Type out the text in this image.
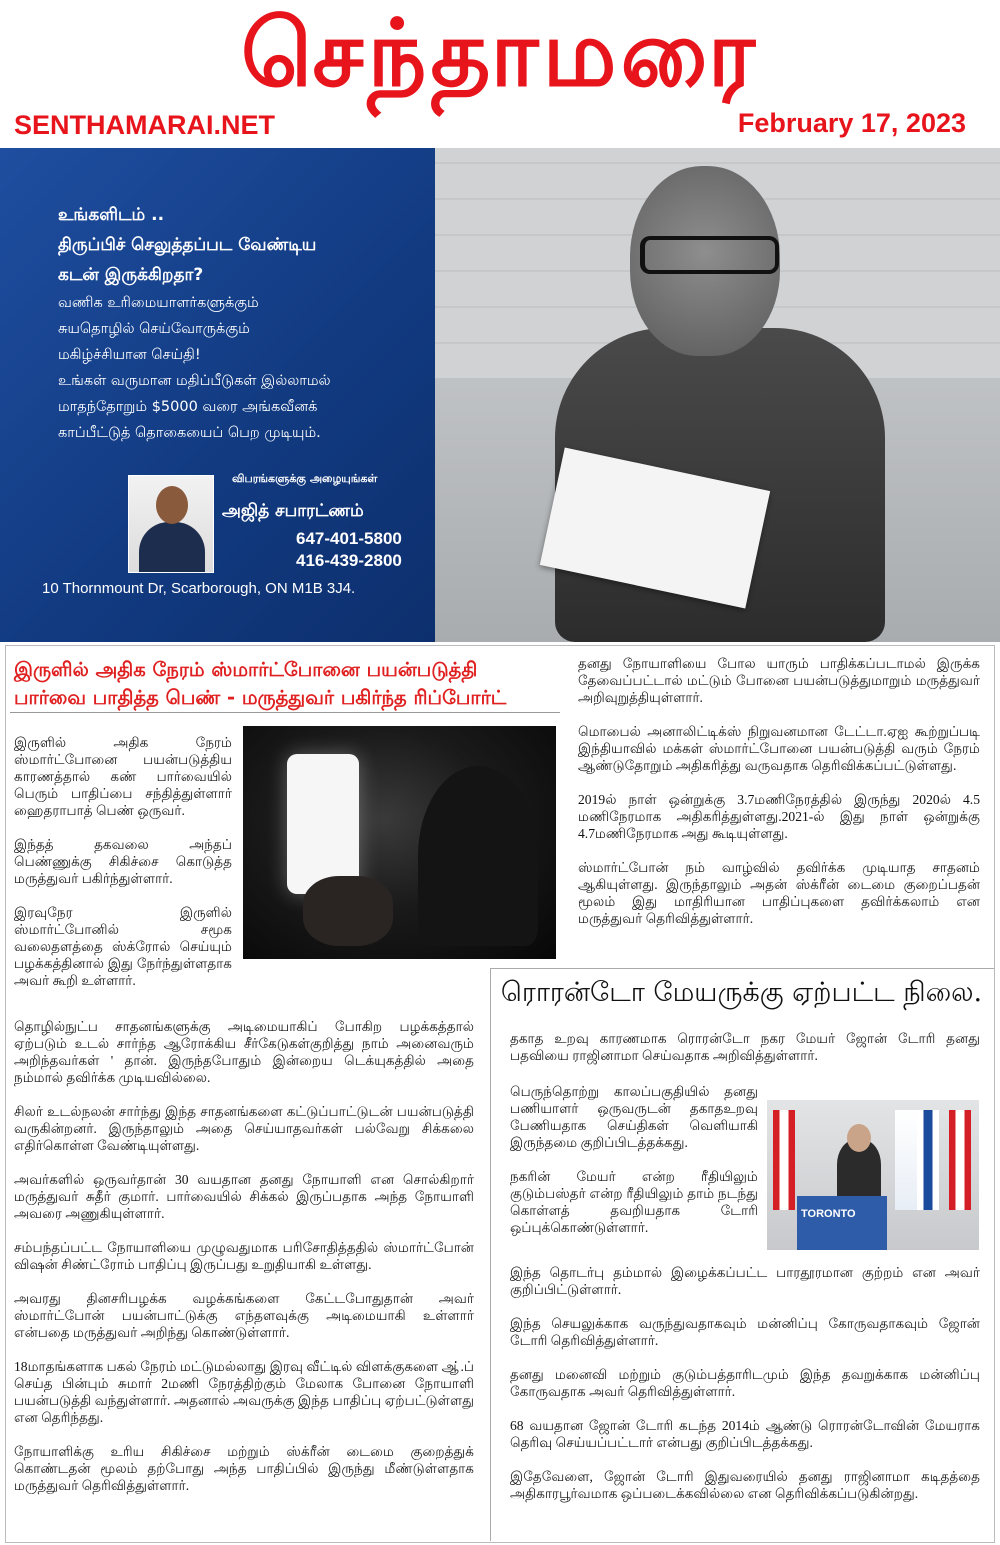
செந்தாமரை
SENTHAMARAI.NET	February 17, 2023
உங்களிடம் ..
திருப்பிச் செலுத்தப்பட வேண்டிய
கடன் இருக்கிறதா?
வணிக உரிமையாளர்களுக்கும்
சுயதொழில் செய்வோருக்கும்
மகிழ்ச்சியான செய்தி!
உங்கள் வருமான மதிப்பீடுகள் இல்லாமல்
மாதந்தோறும் $5000 வரை அங்கவீனக்
காப்பீட்டுத் தொகையைப் பெற முடியும்.
விபரங்களுக்கு அழையுங்கள்
அஜித் சபாரட்ணம்
647-401-5800
416-439-2800
10 Thornmount Dr, Scarborough, ON M1B 3J4.
இருளில் அதிக நேரம் ஸ்மார்ட்போனை பயன்படுத்தி பார்வை பாதித்த பெண் - மருத்துவர் பகிர்ந்த ரிப்போர்ட்

இருளில் அதிக நேரம் ஸ்மார்ட்போனை பயன்படுத்திய காரணத்தால் கண் பார்வையில் பெரும் பாதிப்பை சந்தித்துள்ளார் ஹைதராபாத் பெண் ஒருவர்.

இந்தத் தகவலை அந்தப் பெண்ணுக்கு சிகிச்சை கொடுத்த மருத்துவர் பகிர்ந்துள்ளார்.

இரவுநேர இருளில் ஸ்மார்ட்போனில் சமூக வலைதளத்தை ஸ்க்ரோல் செய்யும் பழக்கத்தினால் இது நேர்ந்துள்ளதாக அவர் கூறி உள்ளார்.

தொழில்நுட்ப சாதனங்களுக்கு அடிமையாகிப் போகிற பழக்கத்தால் ஏற்படும் உடல் சார்ந்த ஆரோக்கிய சீர்கேடுகள்குறித்து நாம் அனைவரும் அறிந்தவர்கள் ' தான். இருந்தபோதும் இன்றைய டெக்யுகத்தில் அதை நம்மால் தவிர்க்க முடியவில்லை.

சிலர் உடல்நலன் சார்ந்து இந்த சாதனங்களை கட்டுப்பாட்டுடன் பயன்படுத்தி வருகின்றனர். இருந்தாலும் அதை செய்யாதவர்கள் பல்வேறு சிக்கலை எதிர்கொள்ள வேண்டியுள்ளது.

அவர்களில் ஒருவர்தான் 30 வயதான தனது நோயாளி என சொல்கிறார் மருத்துவர் சுதீர் குமார். பார்வையில் சிக்கல் இருப்பதாக அந்த நோயாளி அவரை அணுகியுள்ளார்.

சம்பந்தப்பட்ட நோயாளியை முழுவதுமாக பரிசோதித்ததில் ஸ்மார்ட்போன் விஷன் சிண்ட்ரோம் பாதிப்பு இருப்பது உறுதியாகி உள்ளது.

அவரது தினசரிபழக்க வழக்கங்களை கேட்டபோதுதான் அவர் ஸ்மார்ட்போன் பயன்பாட்டுக்கு எந்தளவுக்கு அடிமையாகி உள்ளார் என்பதை மருத்துவர் அறிந்து கொண்டுள்ளார்.

18மாதங்களாக பகல் நேரம் மட்டுமல்லாது இரவு வீட்டில் விளக்குகளை ஆ்.ப் செய்த பின்பும் சுமார் 2மணி நேரத்திற்கும் மேலாக போனை நோயாளி பயன்படுத்தி வந்துள்ளார். அதனால் அவருக்கு இந்த பாதிப்பு ஏற்பட்டுள்ளது என தெரிந்தது.

நோயாளிக்கு உரிய சிகிச்சை மற்றும் ஸ்க்ரீன் டைமை குறைத்துக் கொண்டதன் மூலம் தற்போது அந்த பாதிப்பில் இருந்து மீண்டுள்ளதாக மருத்துவர் தெரிவித்துள்ளார்.

தனது நோயாளியை போல யாரும் பாதிக்கப்படாமல் இருக்க தேவைப்பட்டால் மட்டும் போனை பயன்படுத்துமாறும் மருத்துவர் அறிவுறுத்தியுள்ளார்.

மொபைல் அனாலிட்டிக்ஸ் நிறுவனமான டேட்டா.ஏஐ கூற்றுப்படி இந்தியாவில் மக்கள் ஸ்மார்ட்போனை பயன்படுத்தி வரும் நேரம் ஆண்டுதோறும் அதிகரித்து வருவதாக தெரிவிக்கப்பட்டுள்ளது.

2019ல் நாள் ஒன்றுக்கு 3.7மணிநேரத்தில் இருந்து 2020ல் 4.5 மணிநேரமாக அதிகரித்துள்ளது.2021-ல் இது நாள் ஒன்றுக்கு 4.7மணிநேரமாக அது கூடியுள்ளது.

ஸ்மார்ட்போன் நம் வாழ்வில் தவிர்க்க முடியாத சாதனம் ஆகியுள்ளது. இருந்தாலும் அதன் ஸ்க்ரீன் டைமை குறைப்பதன் மூலம் இது மாதிரியான பாதிப்புகளை தவிர்க்கலாம் என மருத்துவர் தெரிவித்துள்ளார்.

ரொரன்டோ மேயருக்கு ஏற்பட்ட நிலை.

தகாத உறவு காரணமாக ரொரன்டோ நகர மேயர் ஜோன் டோரி தனது பதவியை ராஜினாமா செய்வதாக அறிவித்துள்ளார்.

பெருந்தொற்று காலப்பகுதியில் தனது பணியாளர் ஒருவருடன் தகாதஉறவு பேணியதாக செய்திகள் வெளியாகி இருந்தமை குறிப்பிடத்தக்கது.

நகரின் மேயர் என்ற ரீதியிலும் குடும்பஸ்தர் என்ற ரீதியிலும் தாம் நடந்து கொள்ளத் தவறியதாக டோரி ஒப்புக்கொண்டுள்ளார்.

TORONTO

இந்த தொடர்பு தம்மால் இழைக்கப்பட்ட பாரதூரமான குற்றம் என அவர் குறிப்பிட்டுள்ளார்.

இந்த செயலுக்காக வருந்துவதாகவும் மன்னிப்பு கோருவதாகவும் ஜோன் டோரி தெரிவித்துள்ளார்.

தனது மனைவி மற்றும் குடும்பத்தாரிடமும் இந்த தவறுக்காக மன்னிப்பு கோருவதாக அவர் தெரிவித்துள்ளார்.

68 வயதான ஜோன் டோரி கடந்த 2014ம் ஆண்டு ரொரன்டோவின் மேயராக தெரிவு செய்யப்பட்டார் என்பது குறிப்பிடத்தக்கது.

இதேவேளை, ஜோன் டோரி இதுவரையில் தனது ராஜினாமா கடிதத்தை அதிகாரபூர்வமாக ஒப்படைக்கவில்லை என தெரிவிக்கப்படுகின்றது.
